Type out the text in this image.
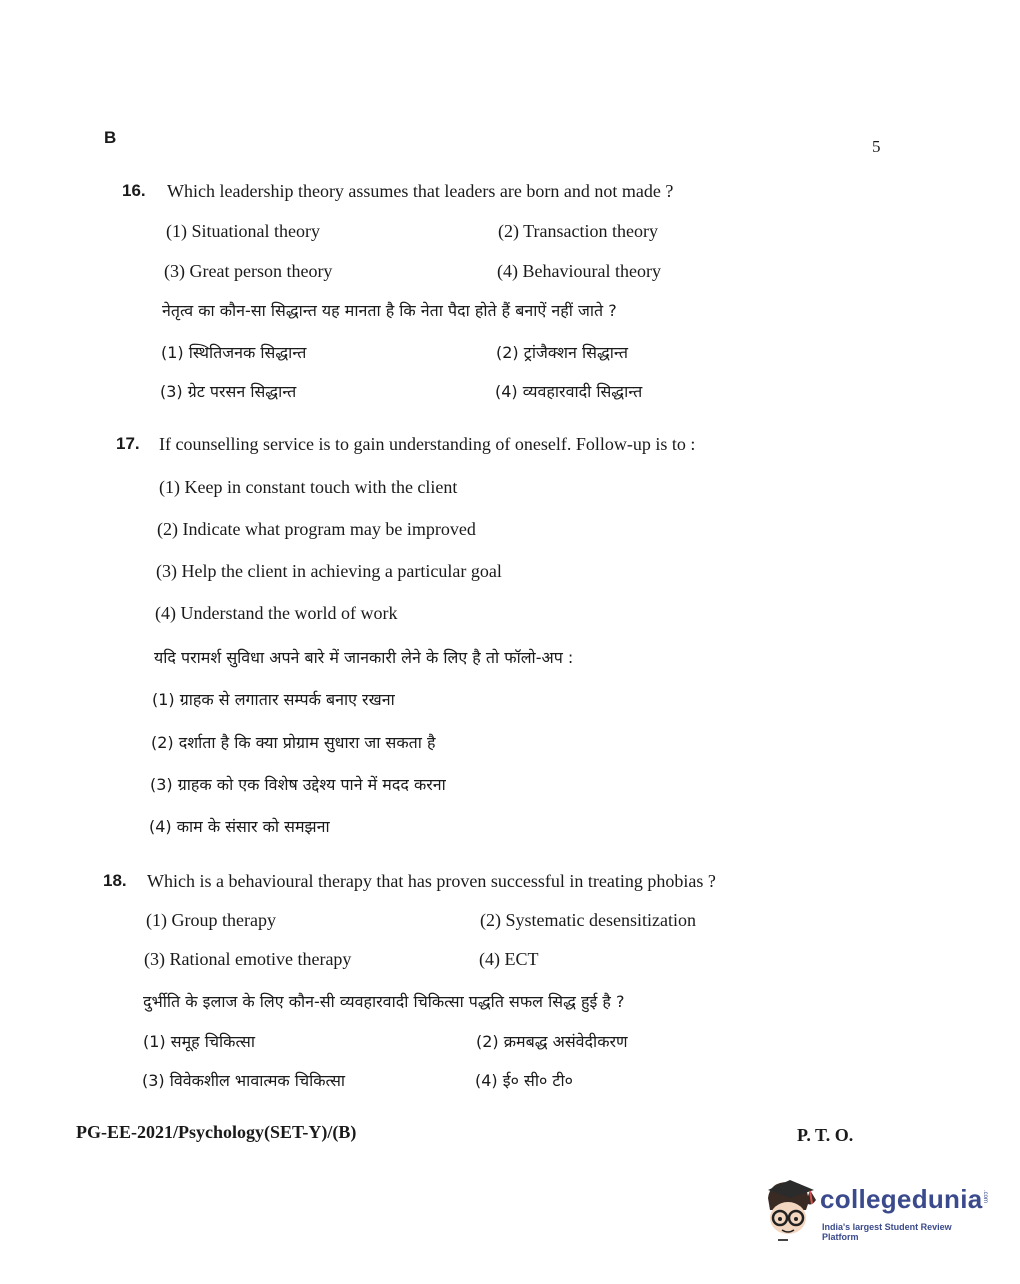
B	5
16. Which leadership theory assumes that leaders are born and not made ?
(1) Situational theory	(2) Transaction theory
(3) Great person theory	(4) Behavioural theory
नेतृत्व का कौन-सा सिद्धान्त यह मानता है कि नेता पैदा होते हैं बनाऐं नहीं जाते ?
(1) स्थितिजनक सिद्धान्त	(2) ट्रांजैक्शन सिद्धान्त
(3) ग्रेट परसन सिद्धान्त	(4) व्यवहारवादी सिद्धान्त
17. If counselling service is to gain understanding of oneself. Follow-up is to :
(1) Keep in constant touch with the client
(2) Indicate what program may be improved
(3) Help the client in achieving a particular goal
(4) Understand the world of work
यदि परामर्श सुविधा अपने बारे में जानकारी लेने के लिए है तो फॉलो-अप :
(1) ग्राहक से लगातार सम्पर्क बनाए रखना
(2) दर्शाता है कि क्या प्रोग्राम सुधारा जा सकता है
(3) ग्राहक को एक विशेष उद्देश्य पाने में मदद करना
(4) काम के संसार को समझना
18. Which is a behavioural therapy that has proven successful in treating phobias ?
(1) Group therapy	(2) Systematic desensitization
(3) Rational emotive therapy	(4) ECT
दुर्भीति के इलाज के लिए कौन-सी व्यवहारवादी चिकित्सा पद्धति सफल सिद्ध हुई है ?
(1) समूह चिकित्सा	(2) क्रमबद्ध असंवेदीकरण
(3) विवेकशील भावात्मक चिकित्सा	(4) ई० सी० टी०
PG-EE-2021/Psychology(SET-Y)/(B)	P. T. O.
collegedunia .com
India's largest Student Review Platform
